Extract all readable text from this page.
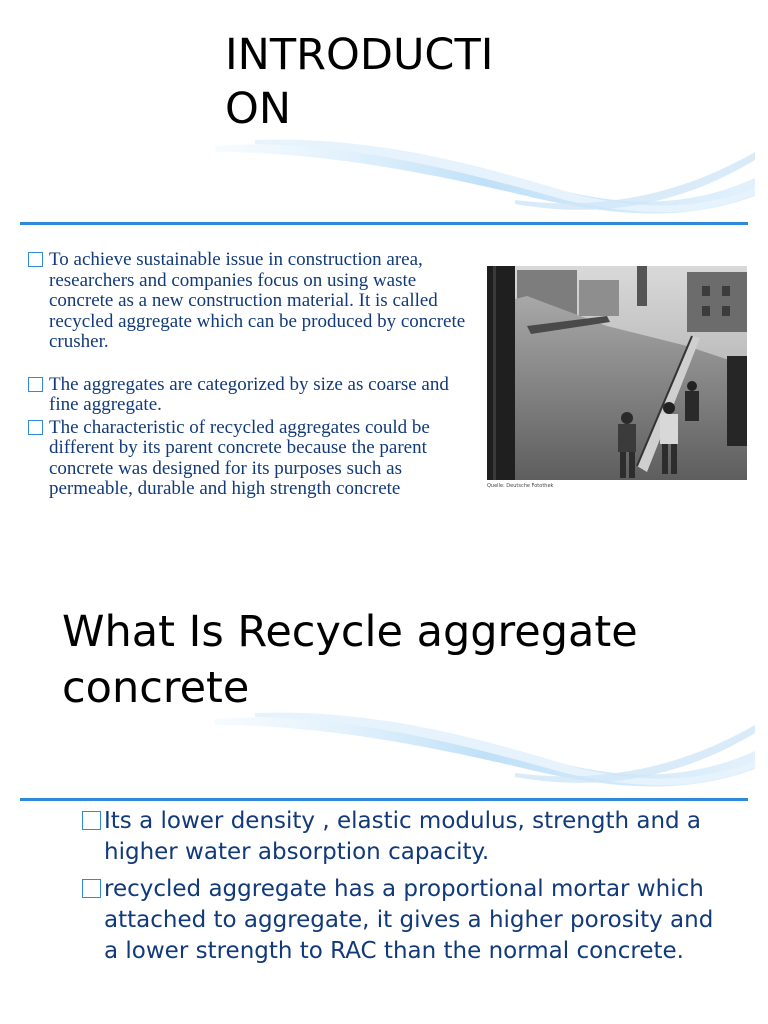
INTRODUCTI
ON
To achieve sustainable issue in construction area, researchers and companies focus on using waste concrete as a new construction material. It is called recycled aggregate which can be produced by concrete crusher.
The aggregates are categorized by size as coarse and fine aggregate.
The characteristic of recycled aggregates could be different by its parent concrete because the parent concrete was designed for its purposes such as permeable, durable and high strength concrete	Quelle: Deutsche Fotothek
What Is Recycle aggregate concrete
Its a lower density , elastic modulus, strength and a higher water absorption capacity.
recycled aggregate has a proportional mortar which attached to aggregate, it gives a higher porosity and a lower strength to RAC than the normal concrete.
